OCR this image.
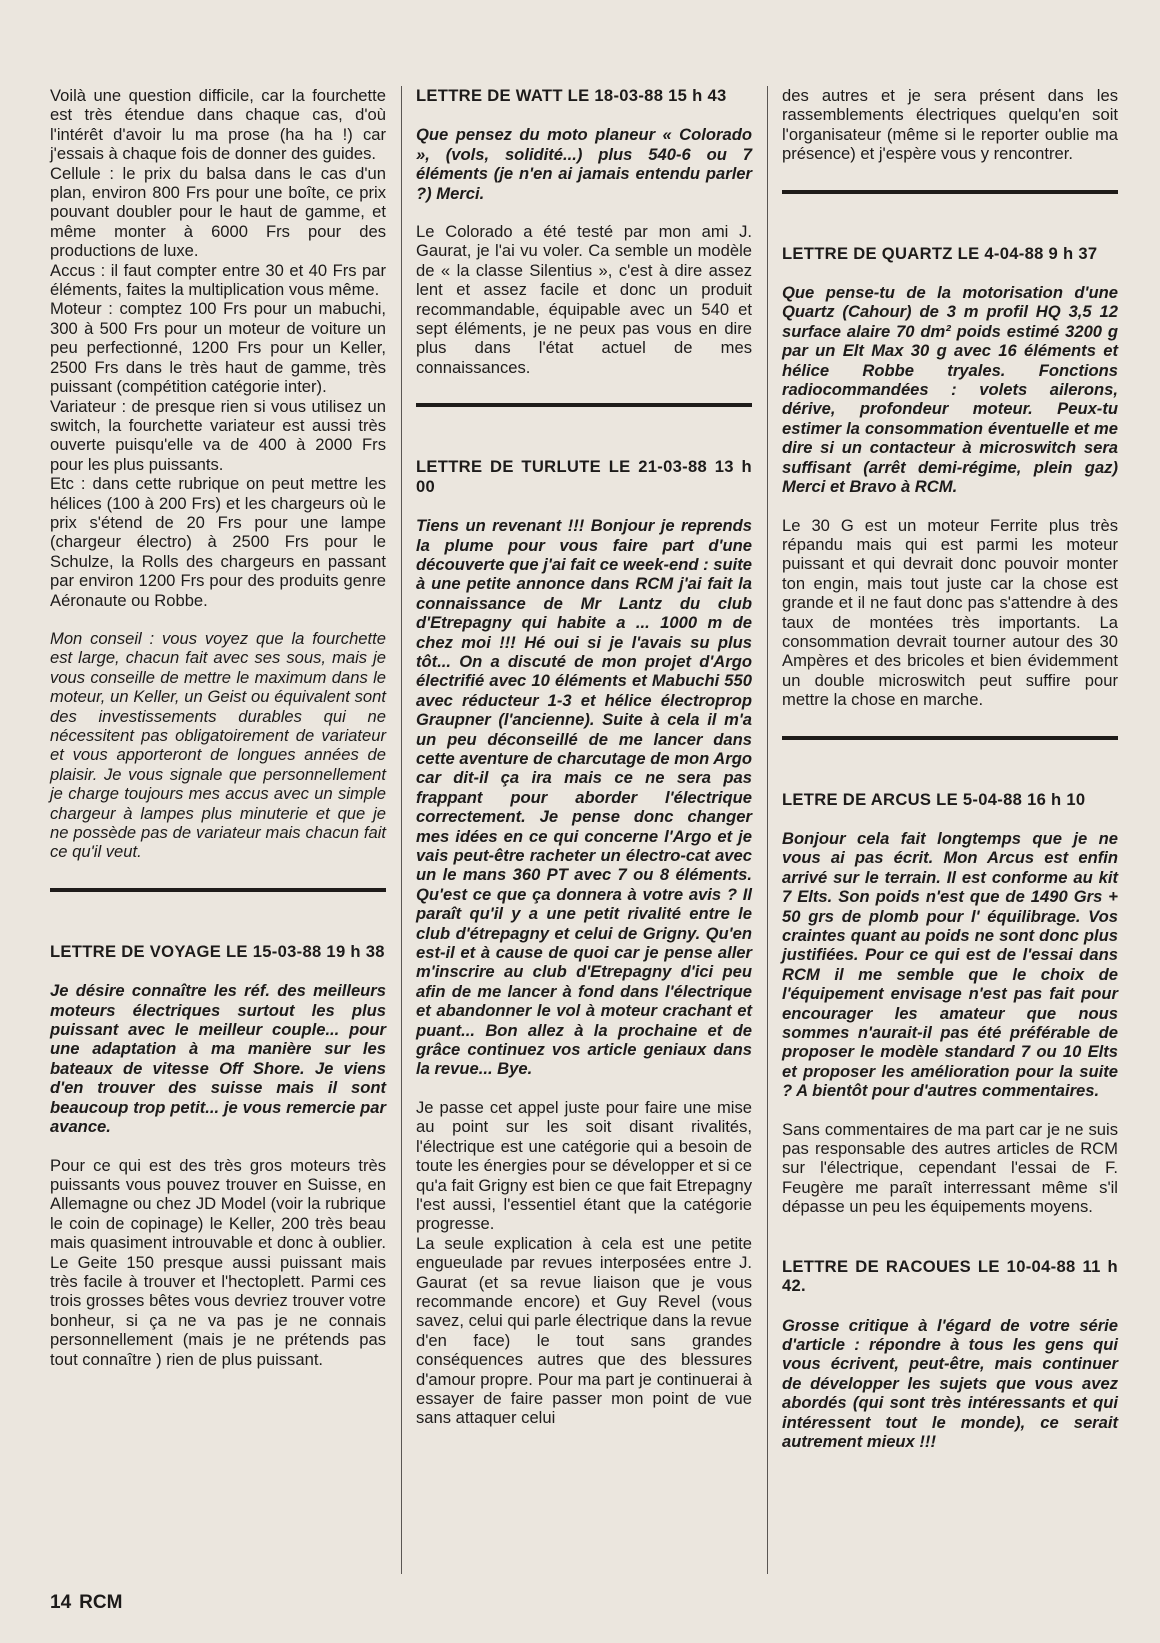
Voilà une question difficile, car la fourchette est très étendue dans chaque cas, d'où l'intérêt d'avoir lu ma prose (ha ha !) car j'essais à chaque fois de donner des guides.

Cellule : le prix du balsa dans le cas d'un plan, environ 800 Frs pour une boîte, ce prix pouvant doubler pour le haut de gamme, et même monter à 6000 Frs pour des productions de luxe.

Accus : il faut compter entre 30 et 40 Frs par éléments, faites la multiplication vous même.

Moteur : comptez 100 Frs pour un mabuchi, 300 à 500 Frs pour un moteur de voiture un peu perfectionné, 1200 Frs pour un Keller, 2500 Frs dans le très haut de gamme, très puissant (compétition catégorie inter).

Variateur : de presque rien si vous utilisez un switch, la fourchette variateur est aussi très ouverte puisqu'elle va de 400 à 2000 Frs pour les plus puissants.

Etc : dans cette rubrique on peut mettre les hélices (100 à 200 Frs) et les chargeurs où le prix s'étend de 20 Frs pour une lampe (chargeur électro) à 2500 Frs pour le Schulze, la Rolls des chargeurs en passant par environ 1200 Frs pour des produits genre Aéronaute ou Robbe.

Mon conseil : vous voyez que la fourchette est large, chacun fait avec ses sous, mais je vous conseille de mettre le maximum dans le moteur, un Keller, un Geist ou équivalent sont des investissements durables qui ne nécessitent pas obligatoirement de variateur et vous apporteront de longues années de plaisir. Je vous signale que personnellement je charge toujours mes accus avec un simple chargeur à lampes plus minuterie et que je ne possède pas de variateur mais chacun fait ce qu'il veut.

LETTRE DE VOYAGE LE 15-03-88 19 h 38

Je désire connaître les réf. des meilleurs moteurs électriques surtout les plus puissant avec le meilleur couple... pour une adaptation à ma manière sur les bateaux de vitesse Off Shore. Je viens d'en trouver des suisse mais il sont beaucoup trop petit... je vous remercie par avance.

Pour ce qui est des très gros moteurs très puissants vous pouvez trouver en Suisse, en Allemagne ou chez JD Model (voir la rubrique le coin de copinage) le Keller, 200 très beau mais quasiment introuvable et donc à oublier. Le Geite 150 presque aussi puissant mais très facile à trouver et l'hectoplett. Parmi ces trois grosses bêtes vous devriez trouver votre bonheur, si ça ne va pas je ne connais personnellement (mais je ne prétends pas tout connaître ) rien de plus puissant.

LETTRE DE WATT LE 18-03-88 15 h 43

Que pensez du moto planeur « Colorado », (vols, solidité...) plus 540-6 ou 7 éléments (je n'en ai jamais entendu parler ?) Merci.

Le Colorado a été testé par mon ami J. Gaurat, je l'ai vu voler. Ca semble un modèle de « la classe Silentius », c'est à dire assez lent et assez facile et donc un produit recommandable, équipable avec un 540 et sept éléments, je ne peux pas vous en dire plus dans l'état actuel de mes connaissances.

LETTRE DE TURLUTE LE 21-03-88 13 h 00

Tiens un revenant !!! Bonjour je reprends la plume pour vous faire part d'une découverte que j'ai fait ce week-end : suite à une petite annonce dans RCM j'ai fait la connaissance de Mr Lantz du club d'Etrepagny qui habite a ... 1000 m de chez moi !!! Hé oui si je l'avais su plus tôt... On a discuté de mon projet d'Argo électrifié avec 10 éléments et Mabuchi 550 avec réducteur 1-3 et hélice électroprop Graupner (l'ancienne). Suite à cela il m'a un peu déconseillé de me lancer dans cette aventure de charcutage de mon Argo car dit-il ça ira mais ce ne sera pas frappant pour aborder l'électrique correctement. Je pense donc changer mes idées en ce qui concerne l'Argo et je vais peut-être racheter un électro-cat avec un le mans 360 PT avec 7 ou 8 éléments. Qu'est ce que ça donnera à votre avis ? Il paraît qu'il y a une petit rivalité entre le club d'étrepagny et celui de Grigny. Qu'en est-il et à cause de quoi car je pense aller m'inscrire au club d'Etrepagny d'ici peu afin de me lancer à fond dans l'électrique et abandonner le vol à moteur crachant et puant... Bon allez à la prochaine et de grâce continuez vos article geniaux dans la revue... Bye.

Je passe cet appel juste pour faire une mise au point sur les soit disant rivalités, l'électrique est une catégorie qui a besoin de toute les énergies pour se développer et si ce qu'a fait Grigny est bien ce que fait Etrepagny l'est aussi, l'essentiel étant que la catégorie progresse.

La seule explication à cela est une petite engueulade par revues interposées entre J. Gaurat (et sa revue liaison que je vous recommande encore) et Guy Revel (vous savez, celui qui parle électrique dans la revue d'en face) le tout sans grandes conséquences autres que des blessures d'amour propre. Pour ma part je continuerai à essayer de faire passer mon point de vue sans attaquer celui

des autres et je sera présent dans les rassemblements électriques quelqu'en soit l'organisateur (même si le reporter oublie ma présence) et j'espère vous y rencontrer.

LETTRE DE QUARTZ LE 4-04-88 9 h 37

Que pense-tu de la motorisation d'une Quartz (Cahour) de 3 m profil HQ 3,5 12 surface alaire 70 dm² poids estimé 3200 g par un Elt Max 30 g avec 16 éléments et hélice Robbe tryales. Fonctions radiocommandées : volets ailerons, dérive, profondeur moteur. Peux-tu estimer la consommation éventuelle et me dire si un contacteur à microswitch sera suffisant (arrêt demi-régime, plein gaz) Merci et Bravo à RCM.

Le 30 G est un moteur Ferrite plus très répandu mais qui est parmi les moteur puissant et qui devrait donc pouvoir monter ton engin, mais tout juste car la chose est grande et il ne faut donc pas s'attendre à des taux de montées très importants. La consommation devrait tourner autour des 30 Ampères et des bricoles et bien évidemment un double microswitch peut suffire pour mettre la chose en marche.

LETRE DE ARCUS LE 5-04-88 16 h 10

Bonjour cela fait longtemps que je ne vous ai pas écrit. Mon Arcus est enfin arrivé sur le terrain. Il est conforme au kit 7 Elts. Son poids n'est que de 1490 Grs + 50 grs de plomb pour l' équilibrage. Vos craintes quant au poids ne sont donc plus justifiées. Pour ce qui est de l'essai dans RCM il me semble que le choix de l'équipement envisage n'est pas fait pour encourager les amateur que nous sommes n'aurait-il pas été préférable de proposer le modèle standard 7 ou 10 Elts et proposer les amélioration pour la suite ? A bientôt pour d'autres commentaires.

Sans commentaires de ma part car je ne suis pas responsable des autres articles de RCM sur l'électrique, cependant l'essai de F. Feugère me paraît interressant même s'il dépasse un peu les équipements moyens.

LETTRE DE RACOUES LE 10-04-88 11 h 42.

Grosse critique à l'égard de votre série d'article : répondre à tous les gens qui vous écrivent, peut-être, mais continuer de développer les sujets que vous avez abordés (qui sont très intéressants et qui intéressent tout le monde), ce serait autrement mieux !!!

14 RCM
